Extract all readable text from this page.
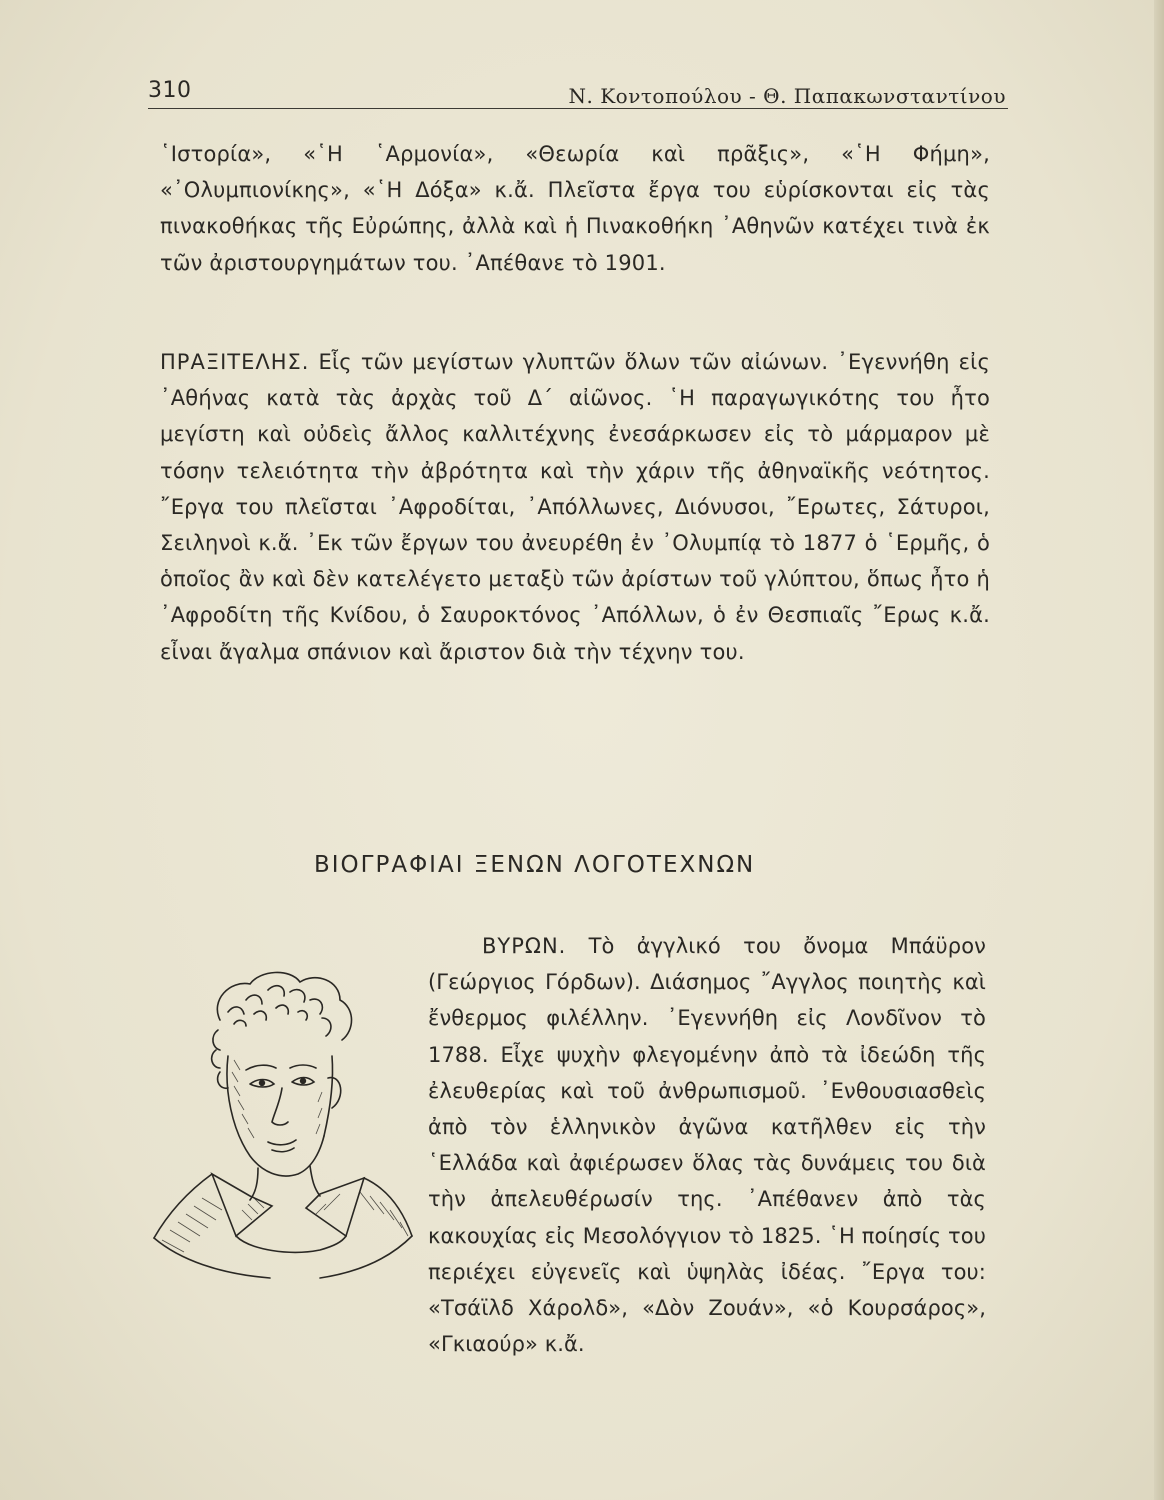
310	Ν. Κοντοπούλου - Θ. Παπακωνσταντίνου

῾Ιστορία», «῾Η ῾Αρμονία», «Θεωρία καὶ πρᾶξις», «῾Η Φήμη», «᾿Ολυμπιονίκης», «῾Η Δόξα» κ.ἄ. Πλεῖστα ἔργα του εὑρίσκονται εἰς τὰς πινακοθήκας τῆς Εὐρώπης, ἀλλὰ καὶ ἡ Πινακοθήκη ᾿Αθηνῶν κατέχει τινὰ ἐκ τῶν ἀριστουργημάτων του. ᾿Απέθανε τὸ 1901.

ΠΡΑΞΙΤΕΛΗΣ. Εἷς τῶν μεγίστων γλυπτῶν ὅλων τῶν αἰώνων. ᾿Εγεννήθη εἰς ᾿Αθήνας κατὰ τὰς ἀρχὰς τοῦ Δ΄ αἰῶνος. ῾Η παραγωγικότης του ἦτο μεγίστη καὶ οὐδεὶς ἄλλος καλλιτέχνης ἐνεσάρκωσεν εἰς τὸ μάρμαρον μὲ τόσην τελειότητα τὴν ἀβρότητα καὶ τὴν χάριν τῆς ἀθηναϊκῆς νεότητος. ῎Εργα του πλεῖσται ᾿Αφροδίται, ᾿Απόλλωνες, Διόνυσοι, ῎Ερωτες, Σάτυροι, Σειληνοὶ κ.ἄ. ᾿Εκ τῶν ἔργων του ἀνευρέθη ἐν ᾿Ολυμπίᾳ τὸ 1877 ὁ ῾Ερμῆς, ὁ ὁποῖος ἂν καὶ δὲν κατελέγετο μεταξὺ τῶν ἀρίστων τοῦ γλύπτου, ὅπως ἦτο ἡ ᾿Αφροδίτη τῆς Κνίδου, ὁ Σαυροκτόνος ᾿Απόλλων, ὁ ἐν Θεσπιαῖς ῎Ερως κ.ἄ. εἶναι ἄγαλμα σπάνιον καὶ ἄριστον διὰ τὴν τέχνην του.

ΒΙΟΓΡΑΦΙΑΙ ΞΕΝΩΝ ΛΟΓΟΤΕΧΝΩΝ

ΒΥΡΩΝ. Τὸ ἀγγλικό του ὄνομα Μπάϋρον (Γεώργιος Γόρδων). Διάσημος ῎Αγγλος ποιητὴς καὶ ἔνθερμος φιλέλλην. ᾿Εγεννήθη εἰς Λονδῖνον τὸ 1788. Εἶχε ψυχὴν φλεγομένην ἀπὸ τὰ ἰδεώδη τῆς ἐλευθερίας καὶ τοῦ ἀνθρωπισμοῦ. ᾿Ενθουσιασθεὶς ἀπὸ τὸν ἑλληνικὸν ἀγῶνα κατῆλθεν εἰς τὴν ῾Ελλάδα καὶ ἀφιέρωσεν ὅλας τὰς δυνάμεις του διὰ τὴν ἀπελευθέρωσίν της. ᾿Απέθανεν ἀπὸ τὰς κακουχίας εἰς Μεσολόγγιον τὸ 1825. ῾Η ποίησίς του περιέχει εὐγενεῖς καὶ ὑψηλὰς ἰδέας. ῎Εργα του: «Τσάϊλδ Χάρολδ», «Δὸν Ζουάν», «ὁ Κουρσάρος», «Γκιαούρ» κ.ἄ.
